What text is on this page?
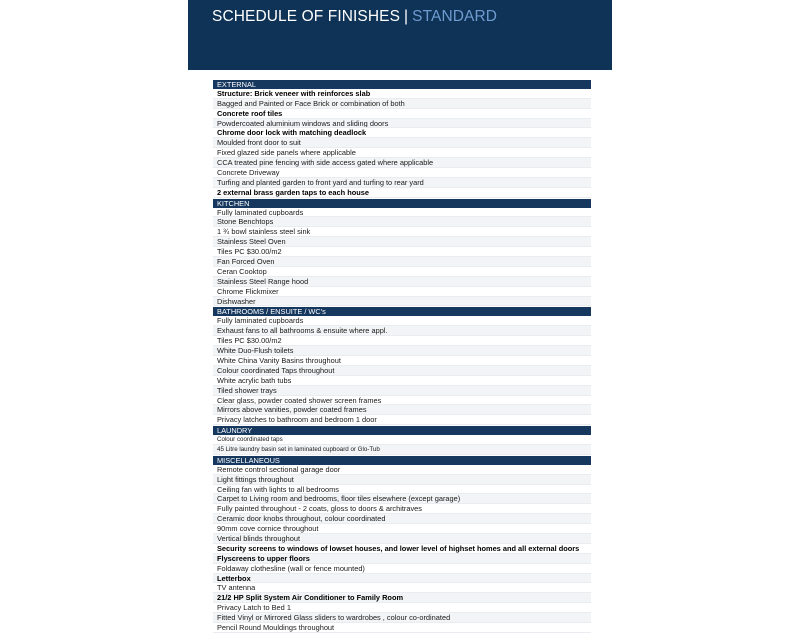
SCHEDULE OF FINISHES | STANDARD
EXTERNAL
Structure: Brick veneer with reinforces slab
Bagged and Painted or Face Brick or combination of both
Concrete roof tiles
Powdercoated aluminium windows and sliding doors
Chrome door lock with matching deadlock
Moulded front door to suit
Fixed glazed side panels where applicable
CCA treated pine fencing with side access gated where applicable
Concrete Driveway
Turfing and planted garden to front yard and turfing to rear yard
2 external brass garden taps to each house
KITCHEN
Fully laminated cupboards
Stone Benchtops
1 ¾ bowl stainless steel sink
Stainless Steel Oven
Tiles PC $30.00/m2
Fan Forced Oven
Ceran Cooktop
Stainless Steel Range hood
Chrome Flickmixer
Dishwasher
BATHROOMS / ENSUITE / WC's
Fully laminated cupboards
Exhaust fans to all bathrooms & ensuite where appl.
Tiles PC $30.00/m2
White Duo-Flush toilets
White China Vanity Basins throughout
Colour coordinated Taps throughout
White acrylic bath tubs
Tiled shower trays
Clear glass, powder coated shower screen frames
Mirrors above vanities, powder coated frames
Privacy latches to bathroom and bedroom 1 door
LAUNDRY
Colour coordinated taps
45 Litre laundry basin set in laminated cupboard or Glo-Tub
MISCELLANEOUS
Remote control sectional garage door
Light fittings throughout
Ceiling fan with lights to all bedrooms
Carpet to Living room and bedrooms, floor tiles elsewhere (except garage)
Fully painted throughout - 2 coats, gloss to doors & architraves
Ceramic door knobs throughout, colour coordinated
90mm cove cornice throughout
Vertical blinds throughout
Security screens to windows of lowset houses, and lower level of highset homes and all external doors
Flyscreens to upper floors
Foldaway clothesline (wall or fence mounted)
Letterbox
TV antenna
21/2 HP Split System Air Conditioner to Family Room
Privacy Latch to Bed 1
Fitted Vinyl or Mirrored Glass sliders to wardrobes , colour co-ordinated
Pencil Round Mouldings throughout
